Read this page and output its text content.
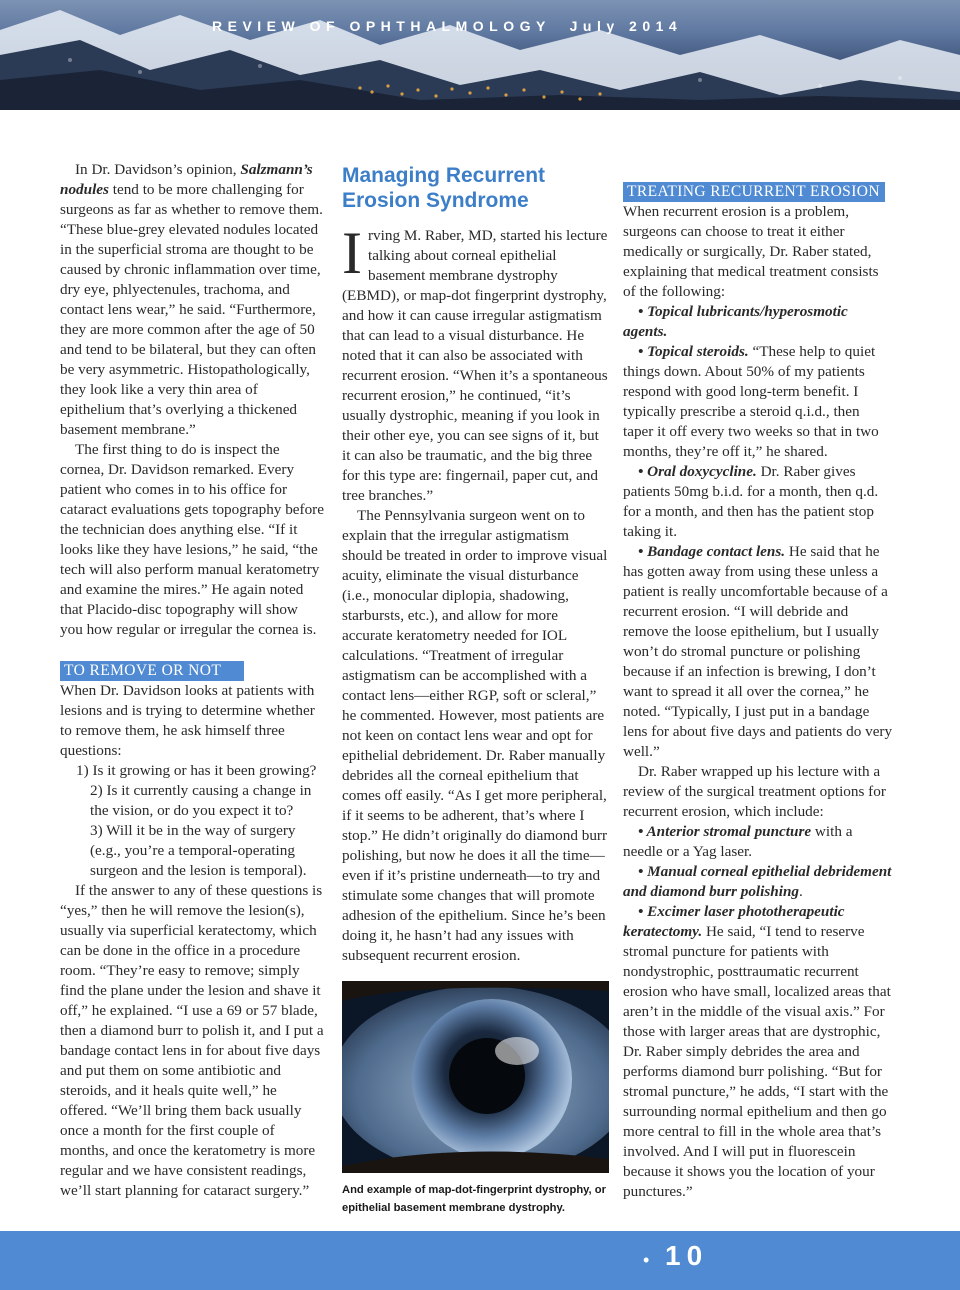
In Dr. Davidson’s opinion, Salzmann’s nodules tend to be more challenging for surgeons as far as whether to remove them. “These blue-grey elevated nodules located in the superficial stroma are thought to be caused by chronic inflammation over time, dry eye, phlyectenules, trachoma, and contact lens wear,” he said. “Furthermore, they are more common after the age of 50 and tend to be bilateral, but they can often be very asymmetric. Histopathologically, they look like a very thin area of epithelium that’s overlying a thickened basement membrane.”

The first thing to do is inspect the cornea, Dr. Davidson remarked. Every patient who comes in to his office for cataract evaluations gets topography before the technician does anything else. “If it looks like they have lesions,” he said, “the tech will also perform manual keratometry and examine the mires.” He again noted that Placido-disc topography will show you how regular or irregular the cornea is.

TO REMOVE OR NOT

When Dr. Davidson looks at patients with lesions and is trying to determine whether to remove them, he ask himself three questions:

1) Is it growing or has it been growing?

2) Is it currently causing a change in the vision, or do you expect it to?

3) Will it be in the way of surgery (e.g., you’re a temporal-operating surgeon and the lesion is temporal).

If the answer to any of these questions is “yes,” then he will remove the lesion(s), usually via superficial keratectomy, which can be done in the office in a procedure room. “They’re easy to remove; simply find the plane under the lesion and shave it off,” he explained. “I use a 69 or 57 blade, then a diamond burr to polish it, and I put a bandage contact lens in for about five days and put them on some antibiotic and steroids, and it heals quite well,” he offered. “We’ll bring them back usually once a month for the first couple of months, and once the keratometry is more regular and we have consistent readings, we’ll start planning for cataract surgery.”

Managing Recurrent Erosion Syndrome

Irving M. Raber, MD, started his lecture talking about corneal epithelial basement membrane dystrophy (EBMD), or map-dot fingerprint dystrophy, and how it can cause irregular astigmatism that can lead to a visual disturbance. He noted that it can also be associated with recurrent erosion. “When it’s a spontaneous recurrent erosion,” he continued, “it’s usually dystrophic, meaning if you look in their other eye, you can see signs of it, but it can also be traumatic, and the big three for this type are: fingernail, paper cut, and tree branches.”

The Pennsylvania surgeon went on to explain that the irregular astigmatism should be treated in order to improve visual acuity, eliminate the visual disturbance (i.e., monocular diplopia, shadowing, starbursts, etc.), and allow for more accurate keratometry needed for IOL calculations. “Treatment of irregular astigmatism can be accomplished with a contact lens—either RGP, soft or scleral,” he commented. However, most patients are not keen on contact lens wear and opt for epithelial debridement. Dr. Raber manually debrides all the corneal epithelium that comes off easily. “As I get more peripheral, if it seems to be adherent, that’s where I stop.” He didn’t originally do diamond burr polishing, but now he does it all the time—even if it’s pristine underneath—to try and stimulate some changes that will promote adhesion of the epithelium. Since he’s been doing it, he hasn’t had any issues with subsequent recurrent erosion.

And example of map-dot-fingerprint dystrophy, or epithelial basement membrane dystrophy.
TREATING RECURRENT EROSION

When recurrent erosion is a problem, surgeons can choose to treat it either medically or surgically, Dr. Raber stated, explaining that medical treatment consists of the following:

• Topical lubricants/hyperosmotic agents.

• Topical steroids. “These help to quiet things down. About 50% of my patients respond with good long-term benefit. I typically prescribe a steroid q.i.d., then taper it off every two weeks so that in two months, they’re off it,” he shared.

• Oral doxycycline. Dr. Raber gives patients 50mg b.i.d. for a month, then q.d. for a month, and then has the patient stop taking it.

• Bandage contact lens. He said that he has gotten away from using these unless a patient is really uncomfortable because of a recurrent erosion. “I will debride and remove the loose epithelium, but I usually won’t do stromal puncture or polishing because if an infection is brewing, I don’t want to spread it all over the cornea,” he noted. “Typically, I just put in a bandage lens for about five days and patients do very well.”

Dr. Raber wrapped up his lecture with a review of the surgical treatment options for recurrent erosion, which include:

• Anterior stromal puncture with a needle or a Yag laser.

• Manual corneal epithelial debridement and diamond burr polishing.

• Excimer laser phototherapeutic keratectomy. He said, “I tend to reserve stromal puncture for patients with nondystrophic, posttraumatic recurrent erosion who have small, localized areas that aren’t in the middle of the visual axis.” For those with larger areas that are dystrophic, Dr. Raber simply debrides the area and performs diamond burr polishing. “But for stromal puncture,” he adds, “I start with the surrounding normal epithelium and then go more central to fill in the whole area that’s involved. And I will put in fluorescein because it shows you the location of your punctures.”

REVIEW OF OPHTHALMOLOGY July 2014
• 10
